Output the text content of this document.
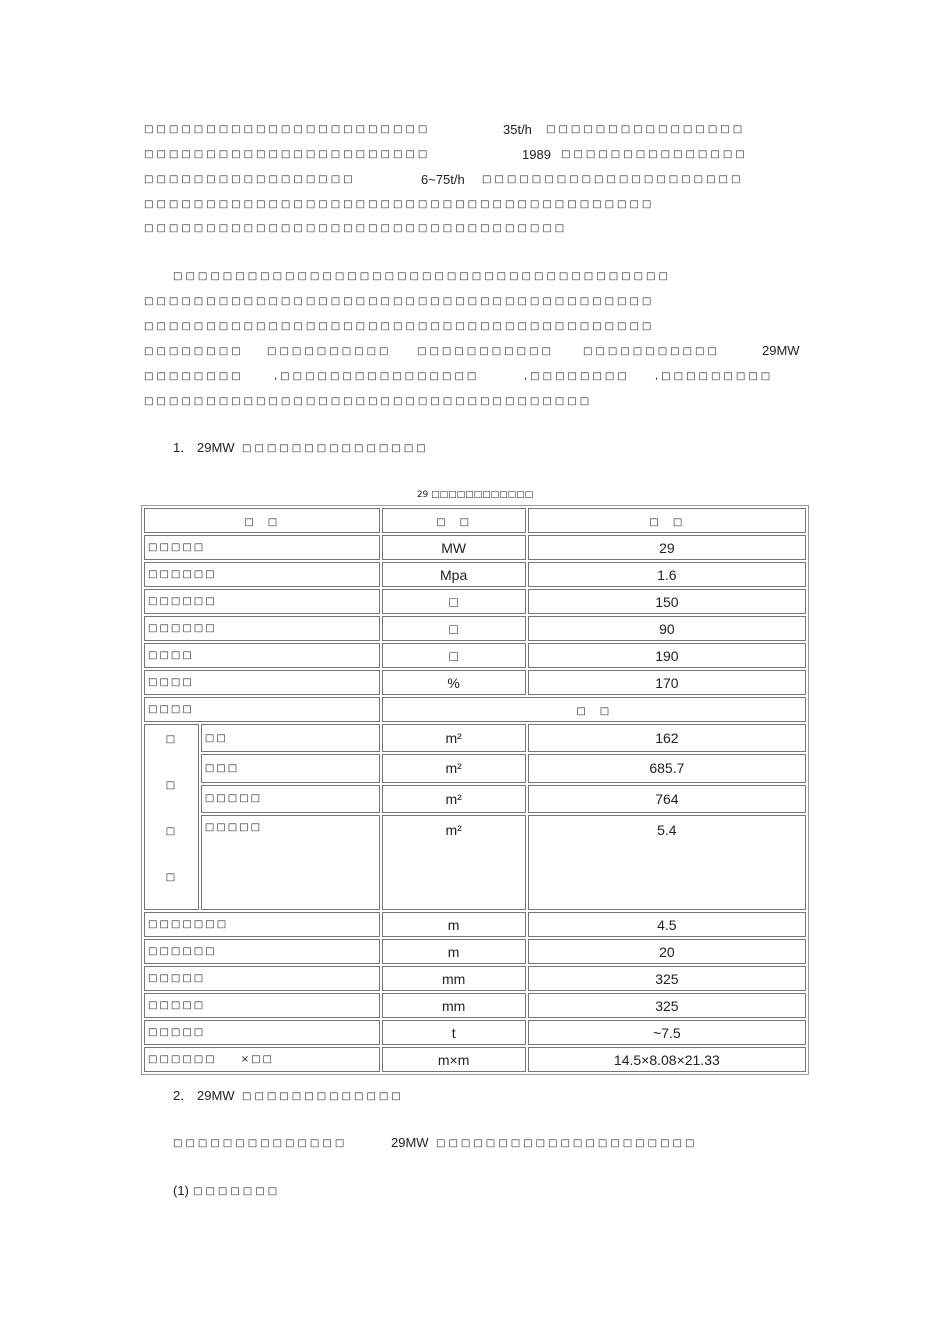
□□□□□□□□□□□□□□□□□□□□□□□	35t/h □□□□□□□□□□□□□□□□
□□□□□□□□□□□□□□□□□□□□□□□	1989 □□□□□□□□□□□□□□□
□□□□□□□□□□□□□□□□□	6~75t/h □□□□□□□□□□□□□□□□□□□□□
□□□□□□□□□□□□□□□□□□□□□□□□□□□□□□□□□□□□□□□□□
□□□□□□□□□□□□□□□□□□□□□□□□□□□□□□□□□□
□□□□□□□□□□□□□□□□□□□□□□□□□□□□□□□□□□□□□□□□
□□□□□□□□□□□□□□□□□□□□□□□□□□□□□□□□□□□□□□□□□
□□□□□□□□□□□□□□□□□□□□□□□□□□□□□□□□□□□□□□□□□
□□□□□□□□ □□□□□□□□□□	□□□□□□□□□□□	□□□□□□□□□□□	29MW
□□□□□□□□	,□□□□□□□□□□□□□□□□	,□□□□□□□□	,□□□□□□□□□
□□□□□□□□□□□□□□□□□□□□□□□□□□□□□□□□□□□□
1． 29MW □□□□□□□□□□□□□□□
29 □□□□□□□□□□□□
□　□		□　□	□　□
□□□□□		MW	29
□□□□□□		Mpa	1.6
□□□□□□		□	150
□□□□□□		□	90
□□□□		□	190
□□□□		%	170
□□□□		□　□	

□
□
□
□	□□	m²	162
	□□□	m²	685.7
	□□□□□	m²	764
	□□□□□	m²	5.4
□□□□□□□		m	4.5
□□□□□□		m	20
□□□□□		mm	325
□□□□□		mm	325
□□□□□		t	~7.5
□□□□□□ ×□□		m×m	14.5×8.08×21.33
2． 29MW □□□□□□□□□□□□□
□□□□□□□□□□□□□□	29MW □□□□□□□□□□□□□□□□□□□□□
(1) □□□□□□□
